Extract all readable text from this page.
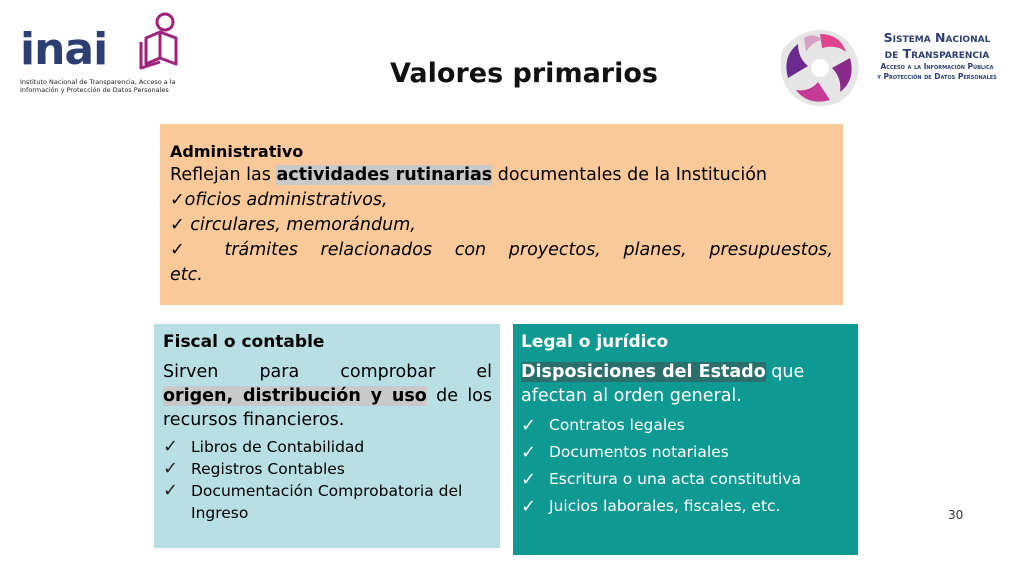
inai
Instituto Nacional de Transparencia, Acceso a la Información y Protección de Datos Personales
Valores primarios
Sistema Nacional
de Transparencia
Acceso a la Información Pública
y Protección de Datos Personales
Administrativo
Reflejan las actividades rutinarias documentales de la Institución
✓oficios administrativos,
✓ circulares, memorándum,
✓ trámites relacionados con proyectos, planes, presupuestos,
etc.
Fiscal o contable
Sirven para comprobar el
origen, distribución y uso de los
recursos financieros.
✓ Libros de Contabilidad
✓ Registros Contables
✓ Documentación Comprobatoria del Ingreso
Legal o jurídico
Disposiciones del Estado que afectan al orden general.
✓ Contratos legales
✓ Documentos notariales
✓ Escritura o una acta constitutiva
✓ Juicios laborales, fiscales, etc.	30
